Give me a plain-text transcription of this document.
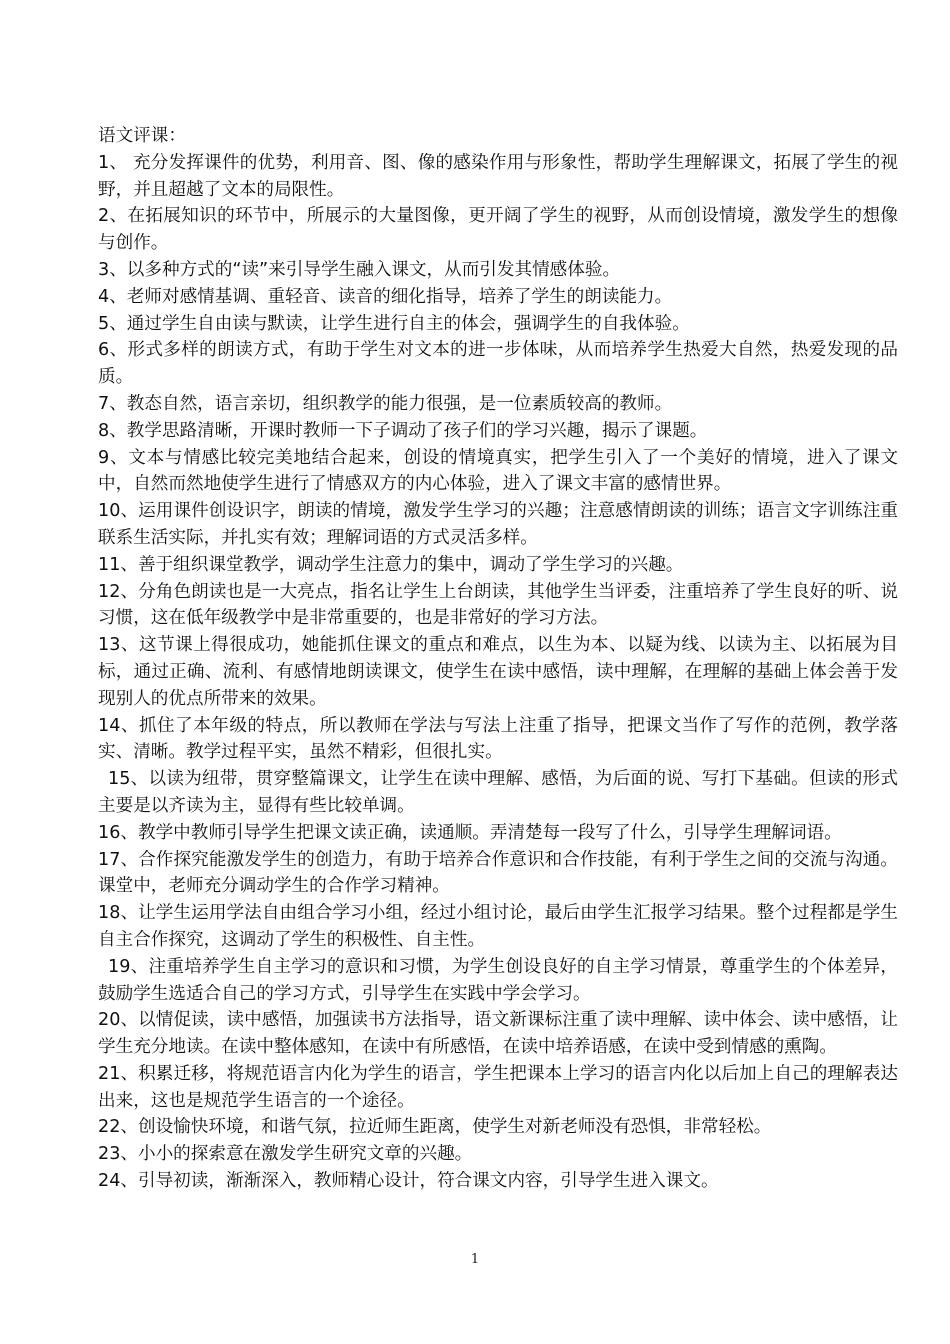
语文评课：

1、 充分发挥课件的优势，利用音、图、像的感染作用与形象性，帮助学生理解课文，拓展了学生的视野，并且超越了文本的局限性。

2、在拓展知识的环节中，所展示的大量图像，更开阔了学生的视野，从而创设情境，激发学生的想像与创作。

3、以多种方式的“读”来引导学生融入课文，从而引发其情感体验。

4、老师对感情基调、重轻音、读音的细化指导，培养了学生的朗读能力。

5、通过学生自由读与默读，让学生进行自主的体会，强调学生的自我体验。

6、形式多样的朗读方式，有助于学生对文本的进一步体味，从而培养学生热爱大自然，热爱发现的品质。

7、教态自然，语言亲切，组织教学的能力很强，是一位素质较高的教师。

8、教学思路清晰，开课时教师一下子调动了孩子们的学习兴趣，揭示了课题。

9、文本与情感比较完美地结合起来，创设的情境真实，把学生引入了一个美好的情境，进入了课文中，自然而然地使学生进行了情感双方的内心体验，进入了课文丰富的感情世界。

10、运用课件创设识字，朗读的情境，激发学生学习的兴趣；注意感情朗读的训练；语言文字训练注重联系生活实际，并扎实有效；理解词语的方式灵活多样。

11、善于组织课堂教学，调动学生注意力的集中，调动了学生学习的兴趣。

12、分角色朗读也是一大亮点，指名让学生上台朗读，其他学生当评委，注重培养了学生良好的听、说习惯，这在低年级教学中是非常重要的，也是非常好的学习方法。

13、这节课上得很成功，她能抓住课文的重点和难点，以生为本、以疑为线、以读为主、以拓展为目标，通过正确、流利、有感情地朗读课文，使学生在读中感悟，读中理解，在理解的基础上体会善于发现别人的优点所带来的效果。

14、抓住了本年级的特点，所以教师在学法与写法上注重了指导，把课文当作了写作的范例，教学落实、清晰。教学过程平实，虽然不精彩，但很扎实。

15、以读为纽带，贯穿整篇课文，让学生在读中理解、感悟，为后面的说、写打下基础。但读的形式主要是以齐读为主，显得有些比较单调。

16、教学中教师引导学生把课文读正确，读通顺。弄清楚每一段写了什么，引导学生理解词语。

17、合作探究能激发学生的创造力，有助于培养合作意识和合作技能，有利于学生之间的交流与沟通。课堂中，老师充分调动学生的合作学习精神。

18、让学生运用学法自由组合学习小组，经过小组讨论，最后由学生汇报学习结果。整个过程都是学生自主合作探究，这调动了学生的积极性、自主性。

19、注重培养学生自主学习的意识和习惯，为学生创设良好的自主学习情景，尊重学生的个体差异，鼓励学生选适合自己的学习方式，引导学生在实践中学会学习。

20、以情促读，读中感悟，加强读书方法指导，语文新课标注重了读中理解、读中体会、读中感悟，让学生充分地读。在读中整体感知，在读中有所感悟，在读中培养语感，在读中受到情感的熏陶。

21、积累迁移，将规范语言内化为学生的语言，学生把课本上学习的语言内化以后加上自己的理解表达出来，这也是规范学生语言的一个途径。

22、创设愉快环境，和谐气氛，拉近师生距离，使学生对新老师没有恐惧，非常轻松。

23、小小的探索意在激发学生研究文章的兴趣。

24、引导初读，渐渐深入，教师精心设计，符合课文内容，引导学生进入课文。

1
